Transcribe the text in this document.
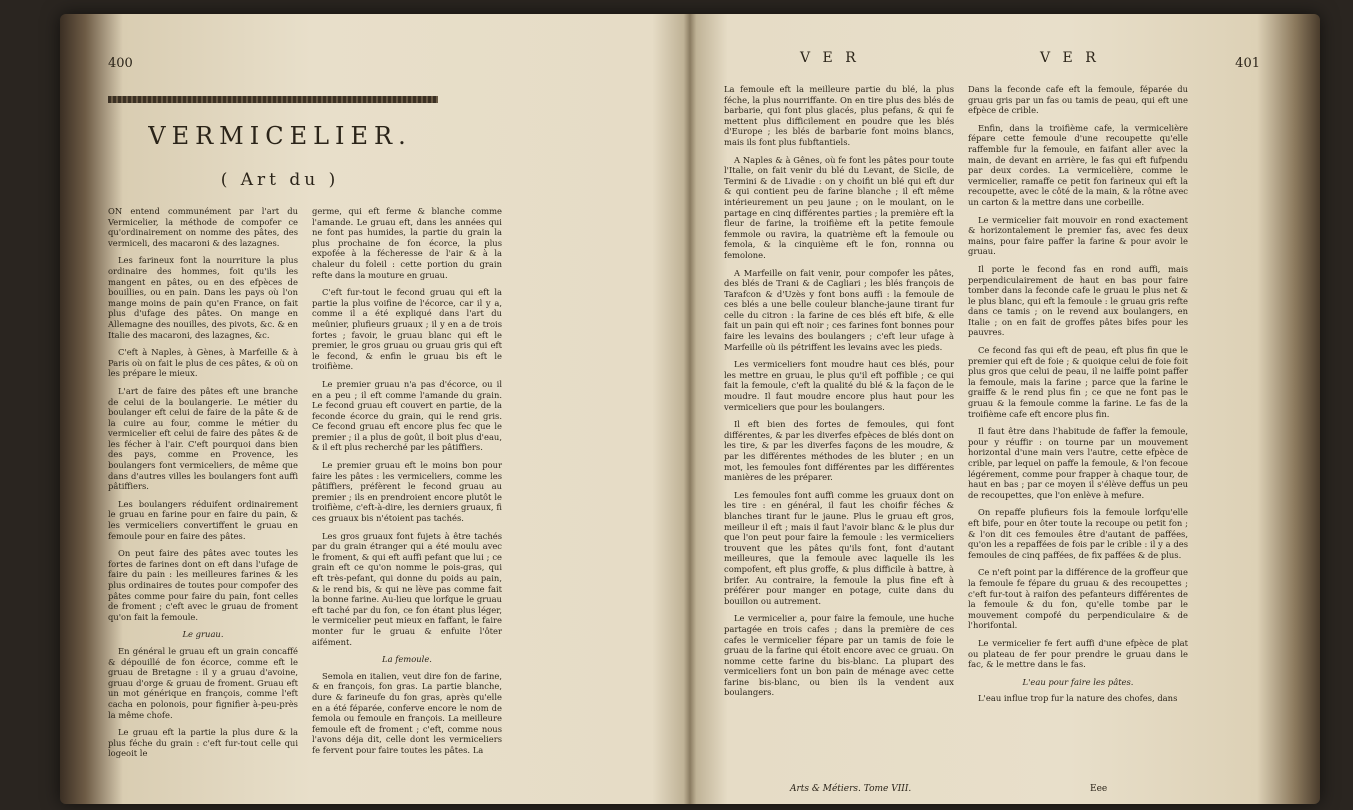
400
VERMICELIER.
( Art du )

ON entend communément par l'art du Vermicelier, la méthode de compofer ce qu'ordinairement on nomme des pâtes, des vermiceli, des macaroni & des lazagnes.

Les farineux font la nourriture la plus ordinaire des hommes, foit qu'ils les mangent en pâtes, ou en des efpèces de bouillies, ou en pain. Dans les pays où l'on mange moins de pain qu'en France, on fait plus d'ufage des pâtes. On mange en Allemagne des nouilles, des pivots, &c. & en Italie des macaroni, des lazagnes, &c.

C'eft à Naples, à Gènes, à Marfeille & à Paris où on fait le plus de ces pâtes, & où on les prépare le mieux.

L'art de faire des pâtes eft une branche de celui de la boulangerie. Le métier du boulanger eft celui de faire de la pâte & de la cuire au four, comme le métier du vermicelier eft celui de faire des pâtes & de les fécher à l'air. C'eft pourquoi dans bien des pays, comme en Provence, les boulangers font vermiceliers, de même que dans d'autres villes les boulangers font auffi pâtiffiers.

Les boulangers réduifent ordinairement le gruau en farine pour en faire du pain, & les vermiceliers convertiffent le gruau en femoule pour en faire des pâtes.

On peut faire des pâtes avec toutes les fortes de farines dont on eft dans l'ufage de faire du pain : les meilleures farines & les plus ordinaires de toutes pour compofer des pâtes comme pour faire du pain, font celles de froment ; c'eft avec le gruau de froment qu'on fait la femoule.

Le gruau.

En général le gruau eft un grain concaffé & dépouillé de fon écorce, comme eft le gruau de Bretagne : il y a gruau d'avoine, gruau d'orge & gruau de froment. Gruau eft un mot générique en françois, comme l'eft cacha en polonois, pour fignifier à-peu-près la même chofe.

Le gruau eft la partie la plus dure & la plus féche du grain : c'eft fur-tout celle qui logeoit le

germe, qui eft ferme & blanche comme l'amande. Le gruau eft, dans les années qui ne font pas humides, la partie du grain la plus prochaine de fon écorce, la plus expofée à la fécheresse de l'air & à la chaleur du foleil : cette portion du grain refte dans la mouture en gruau.

C'eft fur-tout le fecond gruau qui eft la partie la plus voifine de l'écorce, car il y a, comme il a été expliqué dans l'art du meûnier, plufieurs gruaux ; il y en a de trois fortes ; favoir, le gruau blanc qui eft le premier, le gros gruau ou gruau gris qui eft le fecond, & enfin le gruau bis eft le troifième.

Le premier gruau n'a pas d'écorce, ou il en a peu ; il eft comme l'amande du grain. Le fecond gruau eft couvert en partie, de la feconde écorce du grain, qui le rend gris. Ce fecond gruau eft encore plus fec que le premier ; il a plus de goût, il boit plus d'eau, & il eft plus recherché par les pâtiffiers.

Le premier gruau eft le moins bon pour faire les pâtes : les vermiceliers, comme les pâtiffiers, préfèrent le fecond gruau au premier ; ils en prendroient encore plutôt le troifième, c'eft-à-dire, les derniers gruaux, fi ces gruaux bis n'étoient pas tachés.

Les gros gruaux font fujets à être tachés par du grain étranger qui a été moulu avec le froment, & qui eft auffi pefant que lui ; ce grain eft ce qu'on nomme le pois-gras, qui eft très-pefant, qui donne du poids au pain, & le rend bis, & qui ne lève pas comme fait la bonne farine. Au-lieu que lorfque le gruau eft taché par du fon, ce fon étant plus léger, le vermicelier peut mieux en faffant, le faire monter fur le gruau & enfuite l'ôter aifément.

La femoule.

Semola en italien, veut dire fon de farine, & en françois, fon gras. La partie blanche, dure & farineufe du fon gras, après qu'elle en a été féparée, conferve encore le nom de femola ou femoule en françois. La meilleure femoule eft de froment ; c'eft, comme nous l'avons déja dit, celle dont les vermiceliers fe fervent pour faire toutes les pâtes. La

V E R	V E R	401

La femoule eft la meilleure partie du blé, la plus féche, la plus nourriffante. On en tire plus des blés de barbarie, qui font plus glacés, plus pefans, & qui fe mettent plus difficilement en poudre que les blés d'Europe ; les blés de barbarie font moins blancs, mais ils font plus fubftantiels.

A Naples & à Gênes, où fe font les pâtes pour toute l'Italie, on fait venir du blé du Levant, de Sicile, de Termini & de Livadie : on y choifit un blé qui eft dur & qui contient peu de farine blanche ; il eft même intérieurement un peu jaune ; on le moulant, on le partage en cinq différentes parties ; la première eft la fleur de farine, la troifième eft la petite femoule femmole ou ravira, la quatrième eft la femoule ou femola, & la cinquième eft le fon, ronnna ou femolone.

A Marfeille on fait venir, pour compofer les pâtes, des blés de Trani & de Cagliari ; les blés françois de Tarafcon & d'Uzès y font bons auffi : la femoule de ces blés a une belle couleur blanche-jaune tirant fur celle du citron : la farine de ces blés eft bife, & elle fait un pain qui eft noir ; ces farines font bonnes pour faire les levains des boulangers ; c'eft leur ufage à Marfeille où ils pétriffent les levains avec les pieds.

Les vermiceliers font moudre haut ces blés, pour les mettre en gruau, le plus qu'il eft poffible ; ce qui fait la femoule, c'eft la qualité du blé & la façon de le moudre. Il faut moudre encore plus haut pour les vermiceliers que pour les boulangers.

Il eft bien des fortes de femoules, qui font différentes, & par les diverfes efpèces de blés dont on les tire, & par les diverfes façons de les moudre, & par les différentes méthodes de les bluter ; en un mot, les femoules font différentes par les différentes manières de les préparer.

Les femoules font auffi comme les gruaux dont on les tire : en général, il faut les choifir féches & blanches tirant fur le jaune. Plus le gruau eft gros, meilleur il eft ; mais il faut l'avoir blanc & le plus dur que l'on peut pour faire la femoule : les vermiceliers trouvent que les pâtes qu'ils font, font d'autant meilleures, que la femoule avec laquelle ils les compofent, eft plus groffe, & plus difficile à battre, à brifer. Au contraire, la femoule la plus fine eft à préférer pour manger en potage, cuite dans du bouillon ou autrement.

Le vermicelier a, pour faire la femoule, une huche partagée en trois cafes ; dans la première de ces cafes le vermicelier fépare par un tamis de foie le gruau de la farine qui étoit encore avec ce gruau. On nomme cette farine du bis-blanc. La plupart des vermiceliers font un bon pain de ménage avec cette farine bis-blanc, ou bien ils la vendent aux boulangers.

Dans la feconde cafe eft la femoule, féparée du gruau gris par un fas ou tamis de peau, qui eft une efpèce de crible.

Enfin, dans la troifième cafe, la vermicelière fépare cette femoule d'une recoupette qu'elle raffemble fur la femoule, en faifant aller avec la main, de devant en arrière, le fas qui eft fufpendu par deux cordes. La vermicelière, comme le vermicelier, ramaffe ce petit fon farineux qui eft la recoupette, avec le côté de la main, & la rôtne avec un carton & la mettre dans une corbeille.

Le vermicelier fait mouvoir en rond exactement & horizontalement le premier fas, avec fes deux mains, pour faire paffer la farine & pour avoir le gruau.

Il porte le fecond fas en rond auffi, mais perpendiculairement de haut en bas pour faire tomber dans la feconde cafe le gruau le plus net & le plus blanc, qui eft la femoule : le gruau gris refte dans ce tamis ; on le revend aux boulangers, en Italie ; on en fait de groffes pâtes bifes pour les pauvres.

Ce fecond fas qui eft de peau, eft plus fin que le premier qui eft de foie ; & quoique celui de foie foit plus gros que celui de peau, il ne laiffe point paffer la femoule, mais la farine ; parce que la farine le graiffe & le rend plus fin ; ce que ne font pas le gruau & la femoule comme la farine. Le fas de la troifième cafe eft encore plus fin.

Il faut être dans l'habitude de faffer la femoule, pour y réuffir : on tourne par un mouvement horizontal d'une main vers l'autre, cette efpèce de crible, par lequel on paffe la femoule, & l'on fecoue légérement, comme pour frapper à chaque tour, de haut en bas ; par ce moyen il s'élève deffus un peu de recoupettes, que l'on enlève à mefure.

On repaffe plufieurs fois la femoule lorfqu'elle eft bife, pour en ôter toute la recoupe ou petit fon ; & l'on dit ces femoules être d'autant de paffées, qu'on les a repaffées de fois par le crible : il y a des femoules de cinq paffées, de fix paffées & de plus.

Ce n'eft point par la différence de la groffeur que la femoule fe fépare du gruau & des recoupettes ; c'eft fur-tout à raifon des pefanteurs différentes de la femoule & du fon, qu'elle tombe par le mouvement compofé du perpendiculaire & de l'horifontal.

Le vermicelier fe fert auffi d'une efpèce de plat ou plateau de fer pour prendre le gruau dans le fac, & le mettre dans le fas.

L'eau pour faire les pâtes.

L'eau influe trop fur la nature des chofes, dans

Arts & Métiers. Tome VIII.	Eee
